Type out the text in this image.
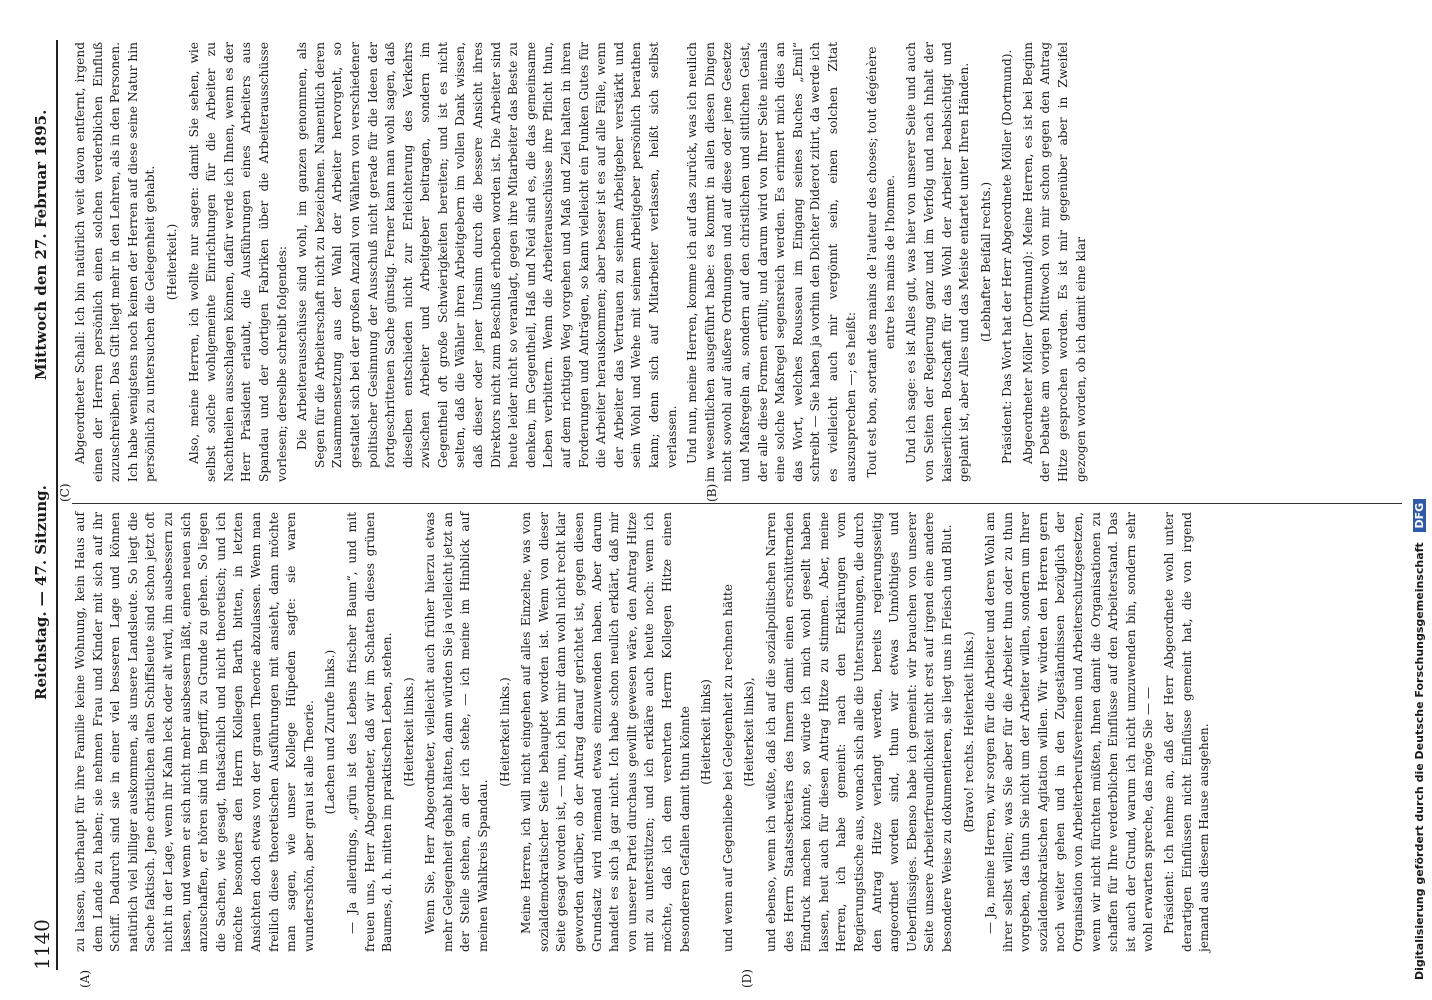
1140
Reichstag. — 47. Sitzung.
Mittwoch den 27. Februar 1895.
(A)	(D)
(C)	(B)

zu lassen, überhaupt für ihre Familie keine Wohnung, kein Haus auf dem Lande zu haben; sie nehmen Frau und Kinder mit sich auf ihr Schiff. Dadurch sind sie in einer viel besseren Lage und können natürlich viel billiger auskommen, als unsere Landsleute. So liegt die Sache faktisch. Jene christlichen alten Schiffsleute sind schon jetzt oft nicht in der Lage, wenn ihr Kahn leck oder alt wird, ihn ausbessern zu lassen, und wenn er sich nicht mehr ausbessern läßt, einen neuen sich anzuschaffen, er hören sind im Begriff, zu Grunde zu gehen. So liegen die Sachen, wie gesagt, thatsächlich und nicht theoretisch; und ich möchte besonders den Herrn Kollegen Barth bitten, in letzten Ansichten doch etwas von der grauen Theorie abzulassen. Wenn man freilich diese theoretischen Ausführungen mit ansieht, dann möchte man sagen, wie unser Kollege Hüpeden sagte: sie waren wunderschön, aber grau ist alle Theorie. (Lachen und Zurufe links.) — Ja allerdings, „grün ist des Lebens frischer Baum“, und mit freuen uns, Herr Abgeordneter, daß wir im Schatten dieses grünen Baumes, d. h. mitten im praktischen Leben, stehen. (Heiterkeit links.) Wenn Sie, Herr Abgeordneter, vielleicht auch früher hierzu etwas mehr Gelegenheit gehabt hätten, dann würden Sie ja vielleicht jetzt an der Stelle stehen, an der ich stehe, — ich meine im Hinblick auf meinen Wahlkreis Spandau.

(Heiterkeit links.) Meine Herren, ich will nicht eingehen auf alles Einzelne, was von sozialdemokratischer Seite behauptet worden ist. Wenn von dieser Seite gesagt worden ist, — nun, ich bin mir dann wohl nicht recht klar geworden darüber, ob der Antrag darauf gerichtet ist, gegen diesen Grundsatz wird niemand etwas einzuwenden haben. Aber darum handelt es sich ja gar nicht. Ich habe schon neulich erklärt, daß mir von unserer Partei durchaus gewillt gewesen wäre, den Antrag Hitze mit zu unterstützen; und ich erkläre auch heute noch: wenn ich möchte, daß ich dem verehrten Herrn Kollegen Hitze einen besonderen Gefallen damit thun könnte (Heiterkeit links) und wenn auf Gegenliebe bei Gelegenheit zu rechnen hätte (Heiterkeit links), und ebenso, wenn ich wüßte, daß ich auf die sozialpolitischen Narren des Herrn Staatssekretärs des Innern damit einen erschütternden Eindruck machen könnte, so würde ich mich wohl gesellt haben lassen, heut auch für diesen Antrag Hitze zu stimmen. Aber, meine Herren, ich habe gemeint: nach den Erklärungen vom Regierungstische aus, wonach sich alle die Untersuchungen, die durch den Antrag Hitze verlangt werden, bereits regierungsseitig angeordnet worden sind, thun wir etwas Unnöthiges und Ueberflüssiges. Ebenso habe ich gemeint: wir brauchen von unserer Seite unsere Arbeiterfreundlichkeit nicht erst auf irgend eine andere besondere Weise zu dokumentieren, sie liegt uns in Fleisch und Blut. (Bravo! rechts. Heiterkeit links.) — Ja, meine Herren, wir sorgen für die Arbeiter und deren Wohl am ihrer selbst willen; was Sie aber für die Arbeiter thun oder zu thun vorgeben, das thun Sie nicht um der Arbeiter willen, sondern um Ihrer sozialdemokratischen Agitation willen. Wir würden den Herren gern noch weiter gehen und in den Zugeständnissen bezüglich der Organisation von Arbeiterberufsvereinen und Arbeiterschutzgesetzen, wenn wir nicht fürchten müßten, Ihnen damit die Organisationen zu schaffen für Ihre verderblichen Einflüsse auf den Arbeiterstand. Das ist auch der Grund, warum ich nicht umzuwenden bin, sondern sehr wohl erwarten spreche, das möge Sie — — Präsident: Ich nehme an, daß der Herr Abgeordnete wohl unter derartigen Einflüssen nicht Einflüsse gemeint hat, die von irgend jemand aus diesem Hause ausgehen.

Abgeordneter Schall: Ich bin natürlich weit davon entfernt, irgend einen der Herren persönlich einen solchen verderblichen Einfluß zuzuschreiben. Das Gift liegt mehr in den Lehren, als in den Personen. Ich habe wenigstens noch keinen der Herren auf diese seine Natur hin persönlich zu untersuchen die Gelegenheit gehabt. (Heiterkeit.) Also, meine Herren, ich wollte nur sagen: damit Sie sehen, wie selbst solche wohlgemeinte Einrichtungen für die Arbeiter zu Nachtheilen ausschlagen können, dafür werde ich Ihnen, wenn es der Herr Präsident erlaubt, die Ausführungen eines Arbeiters aus Spandau und der dortigen Fabriken über die Arbeiterausschüsse vorlesen; derselbe schreibt folgendes: Die Arbeiterausschüsse sind wohl, im ganzen genommen, als Segen für die Arbeiterschaft nicht zu bezeichnen. Namentlich deren Zusammensetzung aus der Wahl der Arbeiter hervorgeht, so gestaltet sich bei der großen Anzahl von Wählern von verschiedener politischer Gesinnung der Ausschuß nicht gerade für die Ideen der fortgeschrittenen Sache günstig. Ferner kann man wohl sagen, daß dieselben entschieden nicht zur Erleichterung des Verkehrs zwischen Arbeiter und Arbeitgeber beitragen, sondern im Gegentheil oft große Schwierigkeiten bereiten; und ist es nicht selten, daß die Wähler ihren Arbeitgebern im vollen Dank wissen, daß dieser oder jener Unsinn durch die bessere Ansicht ihres Direktors nicht zum Beschluß erhoben worden ist. Die Arbeiter sind heute leider nicht so veranlagt, gegen ihre Mitarbeiter das Beste zu denken, im Gegentheil, Haß und Neid sind es, die das gemeinsame Leben verbittern. Wenn die Arbeiterausschüsse ihre Pflicht thun, auf dem richtigen Weg vorgehen und Maß und Ziel halten in ihren Forderungen und Anträgen, so kann vielleicht ein Funken Gutes für die Arbeiter herauskommen; aber besser ist es auf alle Fälle, wenn der Arbeiter das Vertrauen zu seinem Arbeitgeber verstärkt und sein Wohl und Wehe mit seinem Arbeitgeber persönlich berathen kann; denn sich auf Mitarbeiter verlassen, heißt sich selbst verlassen. Und nun, meine Herren, komme ich auf das zurück, was ich neulich im wesentlichen ausgeführt habe: es kommt in allen diesen Dingen nicht sowohl auf äußere Ordnungen und auf diese oder jene Gesetze und Maßregeln an, sondern auf den christlichen und sittlichen Geist, der alle diese Formen erfüllt; und darum wird von Ihrer Seite niemals eine solche Maßregel segensreich werden. Es erinnert mich dies an das Wort, welches Rousseau im Eingang seines Buches „Emil“ schreibt — Sie haben ja vorhin den Dichter Diderot zitirt, da werde ich es vielleicht auch mir vergönnt sein, einen solchen Zitat auszusprechen —; es heißt: Tout est bon, sortant des mains de l'auteur des choses; tout dégénère entre les mains de l'homme. Und ich sage: es ist Alles gut, was hier von unserer Seite und auch von Seiten der Regierung ganz und im Verfolg und nach Inhalt der kaiserlichen Botschaft für das Wohl der Arbeiter beabsichtigt und geplant ist, aber Alles und das Meiste entartet unter Ihren Händen. (Lebhafter Beifall rechts.) Präsident: Das Wort hat der Herr Abgeordnete Möller (Dortmund). Abgeordneter Möller (Dortmund): Meine Herren, es ist bei Beginn der Debatte am vorigen Mittwoch von mir schon gegen den Antrag Hitze gesprochen worden. Es ist mir gegenüber aber in Zweifel gezogen worden, ob ich damit eine klar

Digitalisierung gefördert durch die Deutsche Forschungsgemeinschaft DFG
